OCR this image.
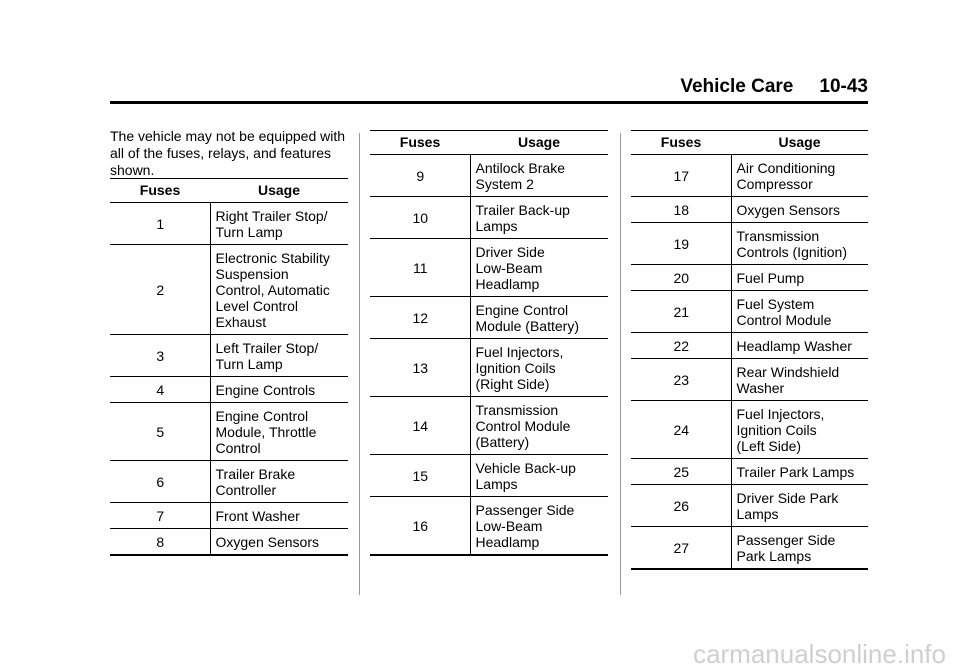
Vehicle Care 10-43
The vehicle may not be equipped with all of the fuses, relays, and features shown.
Fuses	Usage
1	Right Trailer Stop/
Turn Lamp
2	Electronic Stability
Suspension
Control, Automatic
Level Control
Exhaust
3	Left Trailer Stop/
Turn Lamp
4	Engine Controls
5	Engine Control
Module, Throttle
Control
6	Trailer Brake
Controller
7	Front Washer
8	Oxygen Sensors
Fuses	Usage
9	Antilock Brake
System 2
10	Trailer Back-up
Lamps
11	Driver Side
Low-Beam
Headlamp
12	Engine Control
Module (Battery)
13	Fuel Injectors,
Ignition Coils
(Right Side)
14	Transmission
Control Module
(Battery)
15	Vehicle Back-up
Lamps
16	Passenger Side
Low-Beam
Headlamp
Fuses	Usage
17	Air Conditioning
Compressor
18	Oxygen Sensors
19	Transmission
Controls (Ignition)
20	Fuel Pump
21	Fuel System
Control Module
22	Headlamp Washer
23	Rear Windshield
Washer
24	Fuel Injectors,
Ignition Coils
(Left Side)
25	Trailer Park Lamps
26	Driver Side Park
Lamps
27	Passenger Side
Park Lamps
carmanualsonline.info
